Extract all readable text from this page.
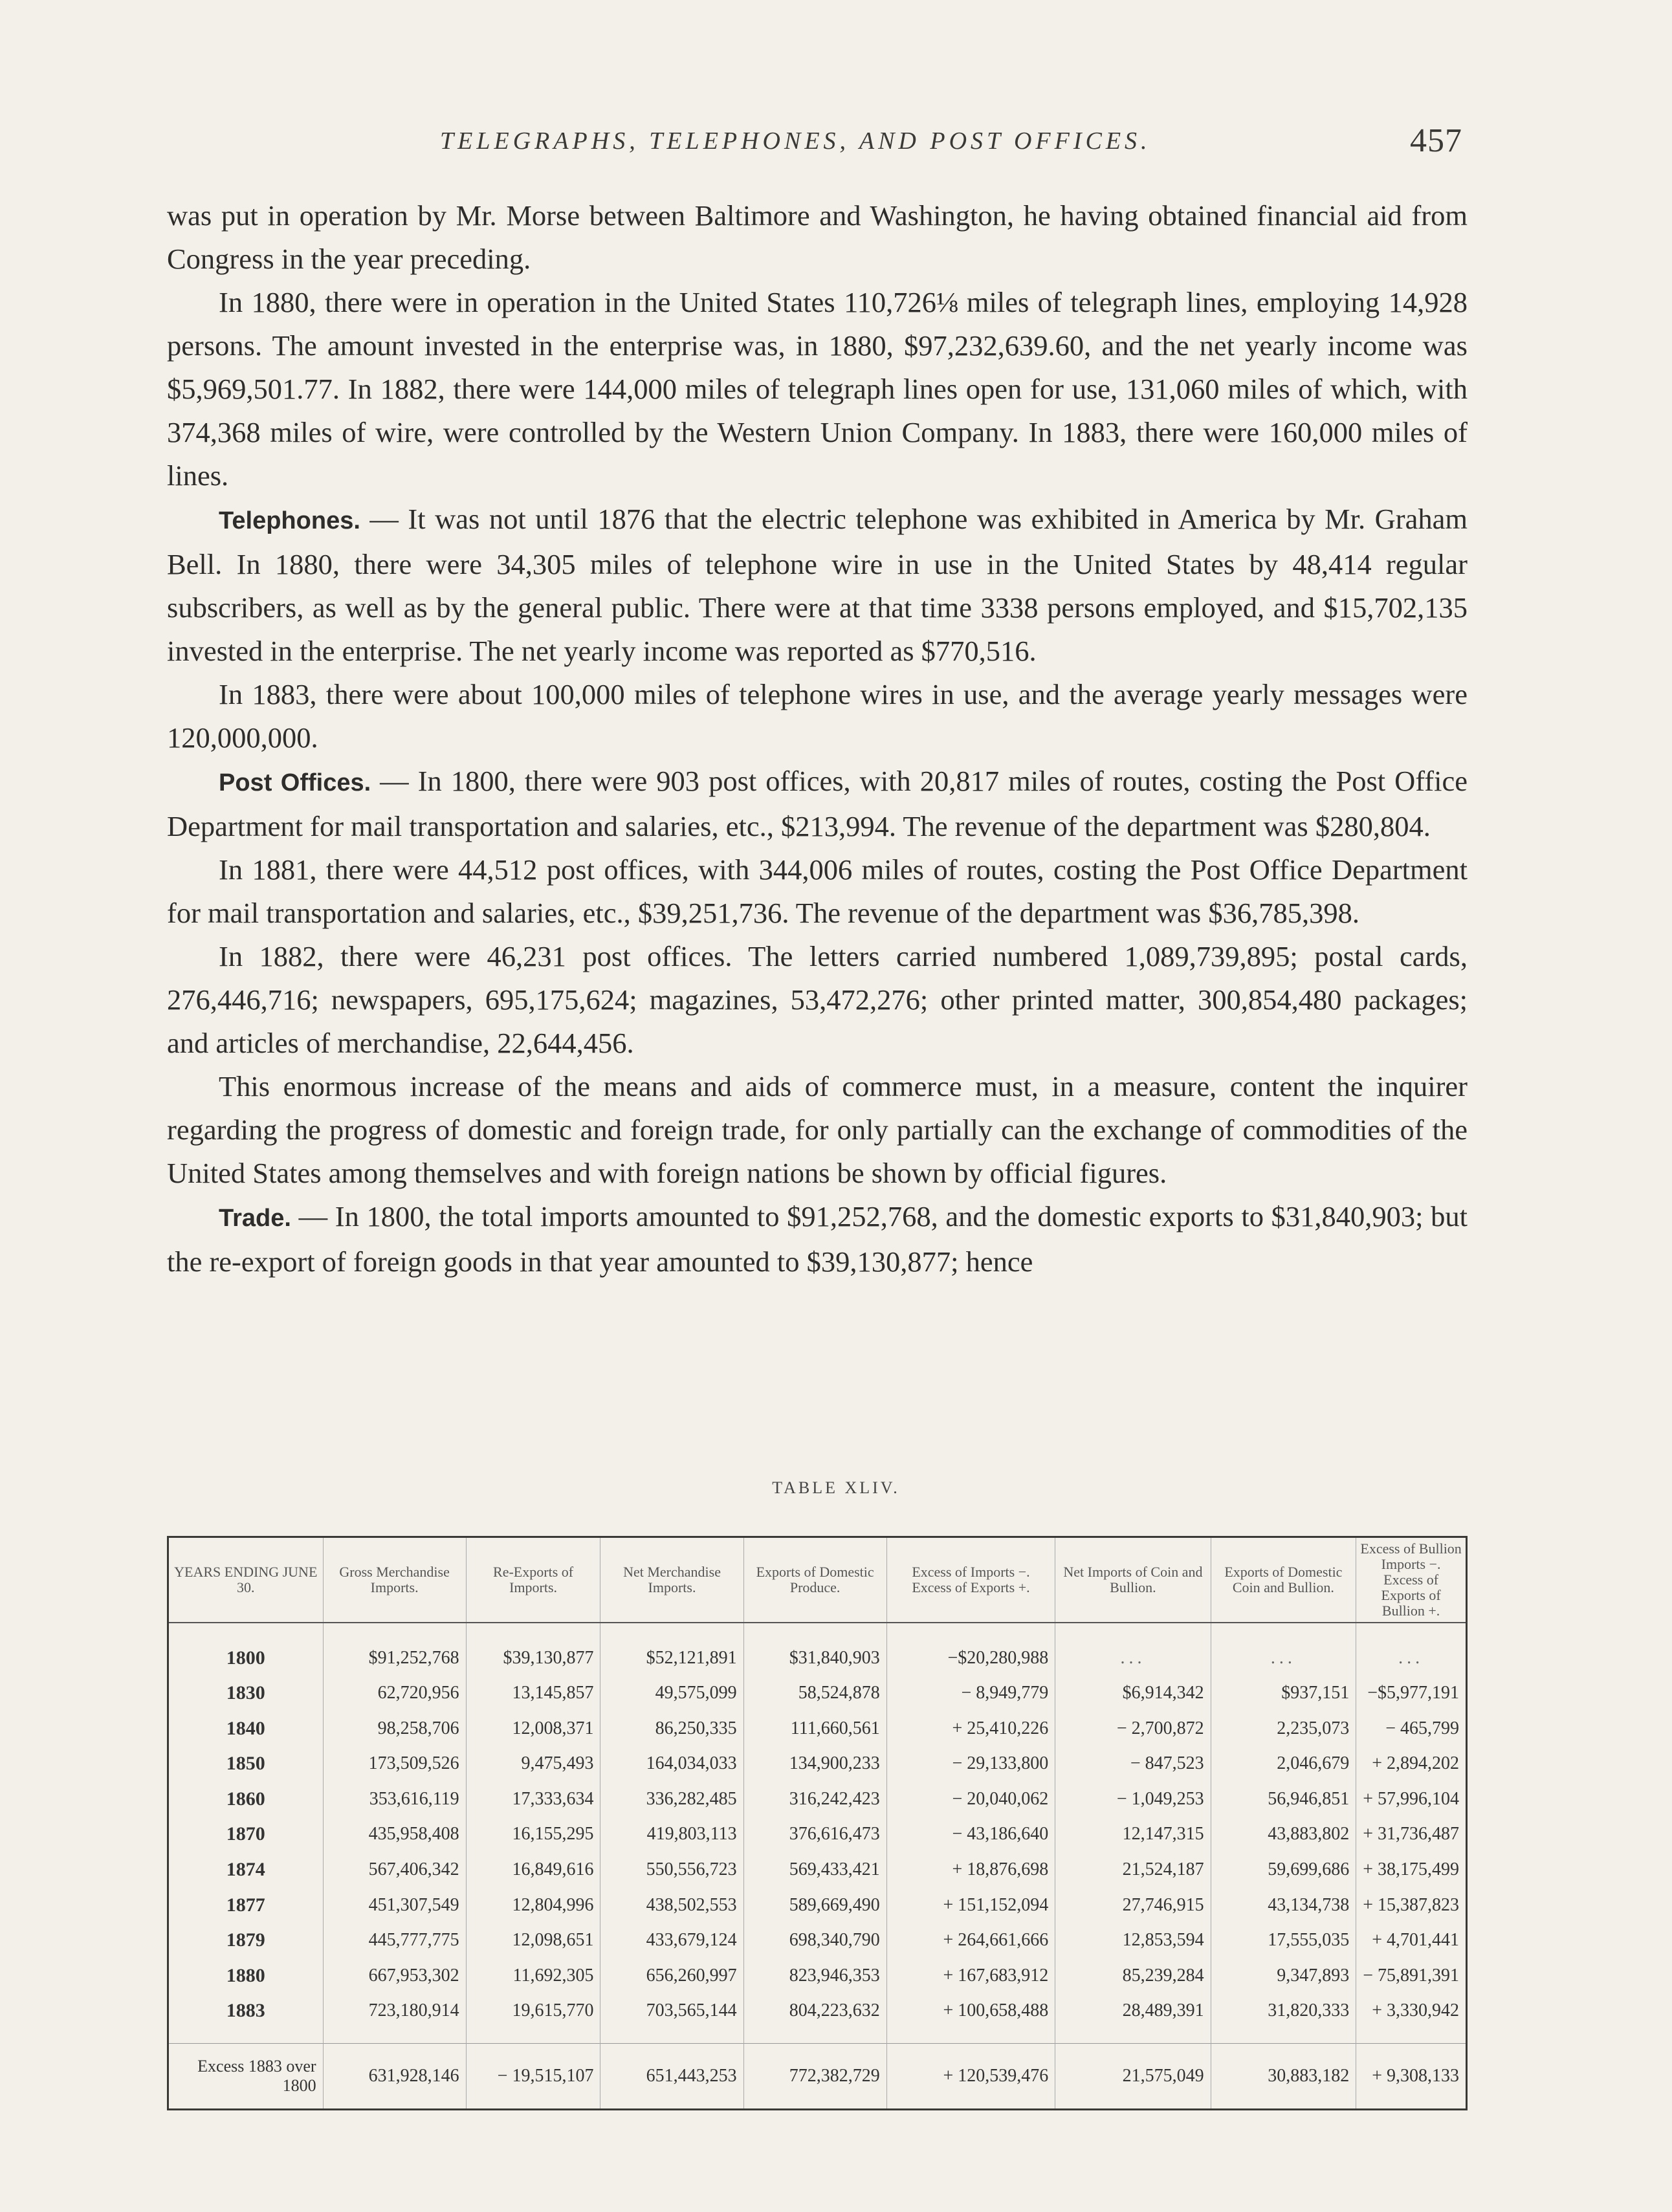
TELEGRAPHS, TELEPHONES, AND POST OFFICES.	457

was put in operation by Mr. Morse between Baltimore and Washington, he having obtained financial aid from Congress in the year preceding.

In 1880, there were in operation in the United States 110,726⅛ miles of telegraph lines, employing 14,928 persons. The amount invested in the enterprise was, in 1880, $97,232,639.60, and the net yearly income was $5,969,501.77. In 1882, there were 144,000 miles of telegraph lines open for use, 131,060 miles of which, with 374,368 miles of wire, were controlled by the Western Union Company. In 1883, there were 160,000 miles of lines.

Telephones. — It was not until 1876 that the electric telephone was exhibited in America by Mr. Graham Bell. In 1880, there were 34,305 miles of telephone wire in use in the United States by 48,414 regular subscribers, as well as by the general public. There were at that time 3338 persons employed, and $15,702,135 invested in the enterprise. The net yearly income was reported as $770,516.

In 1883, there were about 100,000 miles of telephone wires in use, and the average yearly messages were 120,000,000.

Post Offices. — In 1800, there were 903 post offices, with 20,817 miles of routes, costing the Post Office Department for mail transportation and salaries, etc., $213,994. The revenue of the department was $280,804.

In 1881, there were 44,512 post offices, with 344,006 miles of routes, costing the Post Office Department for mail transportation and salaries, etc., $39,251,736. The revenue of the department was $36,785,398.

In 1882, there were 46,231 post offices. The letters carried numbered 1,089,739,895; postal cards, 276,446,716; newspapers, 695,175,624; magazines, 53,472,276; other printed matter, 300,854,480 packages; and articles of merchandise, 22,644,456.

This enormous increase of the means and aids of commerce must, in a measure, content the inquirer regarding the progress of domestic and foreign trade, for only partially can the exchange of commodities of the United States among themselves and with foreign nations be shown by official figures.

Trade. — In 1800, the total imports amounted to $91,252,768, and the domestic exports to $31,840,903; but the re-export of foreign goods in that year amounted to $39,130,877; hence

TABLE XLIV.
YEARS ENDING JUNE 30.	Gross Merchandise Imports.	Re-Exports of Imports.	Net Merchandise Imports.	Exports of Domestic Produce.	Excess of Imports −. Excess of Exports +.	Net Imports of Coin and Bullion.	Exports of Domestic Coin and Bullion.	Excess of Bullion Imports −. Excess of Exports of Bullion +.

1800	$91,252,768	$39,130,877	$52,121,891	$31,840,903	−$20,280,988	...	...	...
1830	62,720,956	13,145,857	49,575,099	58,524,878	− 8,949,779	$6,914,342	$937,151	−$5,977,191
1840	98,258,706	12,008,371	86,250,335	111,660,561	+ 25,410,226	− 2,700,872	2,235,073	− 465,799
1850	173,509,526	9,475,493	164,034,033	134,900,233	− 29,133,800	− 847,523	2,046,679	+ 2,894,202
1860	353,616,119	17,333,634	336,282,485	316,242,423	− 20,040,062	− 1,049,253	56,946,851	+ 57,996,104
1870	435,958,408	16,155,295	419,803,113	376,616,473	− 43,186,640	12,147,315	43,883,802	+ 31,736,487
1874	567,406,342	16,849,616	550,556,723	569,433,421	+ 18,876,698	21,524,187	59,699,686	+ 38,175,499
1877	451,307,549	12,804,996	438,502,553	589,669,490	+ 151,152,094	27,746,915	43,134,738	+ 15,387,823
1879	445,777,775	12,098,651	433,679,124	698,340,790	+ 264,661,666	12,853,594	17,555,035	+ 4,701,441
1880	667,953,302	11,692,305	656,260,997	823,946,353	+ 167,683,912	85,239,284	9,347,893	− 75,891,391
1883	723,180,914	19,615,770	703,565,144	804,223,632	+ 100,658,488	28,489,391	31,820,333	+ 3,330,942

Excess 1883 over 1800	631,928,146	− 19,515,107	651,443,253	772,382,729	+ 120,539,476	21,575,049	30,883,182	+ 9,308,133
